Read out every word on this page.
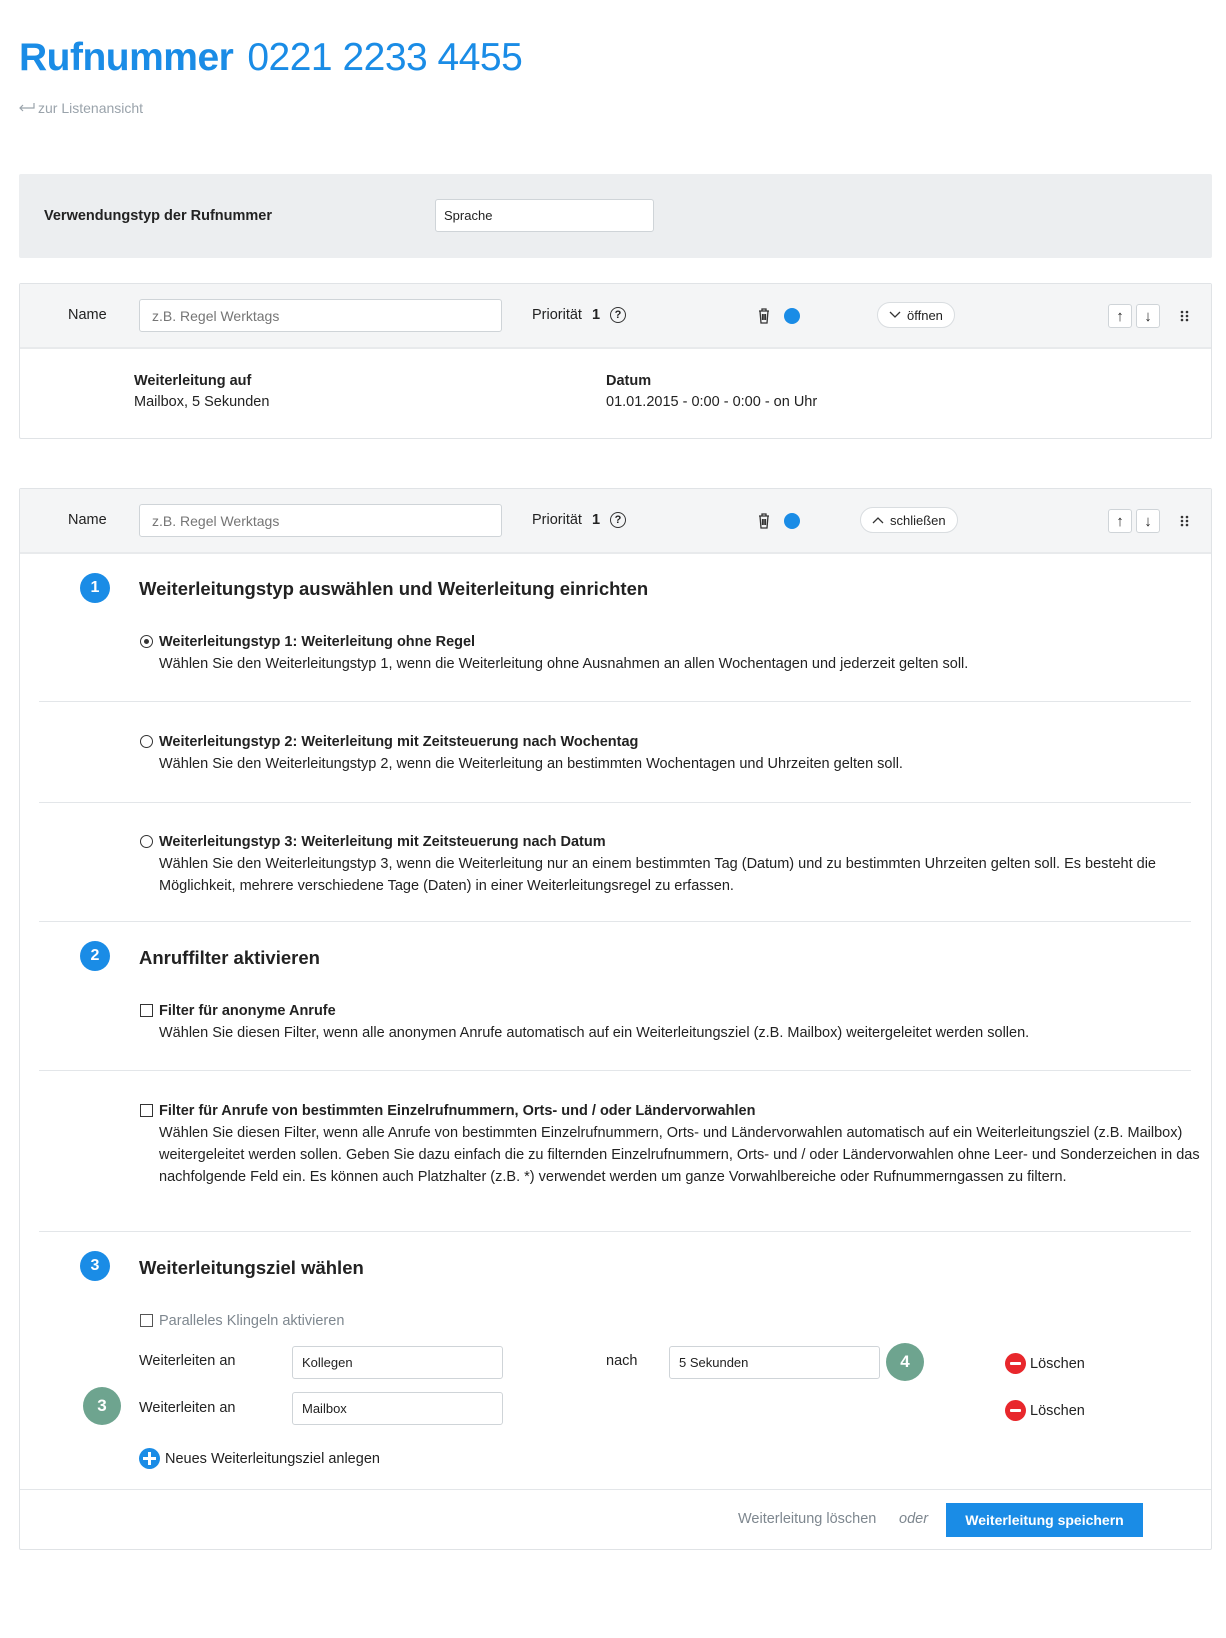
Rufnummer 0221 2233 4455
zur Listenansicht
Verwendungstyp der Rufnummer	Sprache
Name
z.B. Regel Werktags	Priorität 1	?	öffnen	↑	↓
Weiterleitung auf
Mailbox, 5 Sekunden
Datum
01.01.2015 - 0:00 - 0:00 - on Uhr
Name
z.B. Regel Werktags	Priorität 1	?	schließen	↑	↓
1	Weiterleitungstyp auswählen und Weiterleitung einrichten
Weiterleitungstyp 1: Weiterleitung ohne Regel
Wählen Sie den Weiterleitungstyp 1, wenn die Weiterleitung ohne Ausnahmen an allen Wochentagen und jederzeit gelten soll.
Weiterleitungstyp 2: Weiterleitung mit Zeitsteuerung nach Wochentag
Wählen Sie den Weiterleitungstyp 2, wenn die Weiterleitung an bestimmten Wochentagen und Uhrzeiten gelten soll.
Weiterleitungstyp 3: Weiterleitung mit Zeitsteuerung nach Datum
Wählen Sie den Weiterleitungstyp 3, wenn die Weiterleitung nur an einem bestimmten Tag (Datum) und zu bestimmten Uhrzeiten gelten soll. Es besteht die Möglichkeit, mehrere verschiedene Tage (Daten) in einer Weiterleitungsregel zu erfassen.
2	Anruffilter aktivieren
Filter für anonyme Anrufe
Wählen Sie diesen Filter, wenn alle anonymen Anrufe automatisch auf ein Weiterleitungsziel (z.B. Mailbox) weitergeleitet werden sollen.
Filter für Anrufe von bestimmten Einzelrufnummern, Orts- und / oder Ländervorwahlen
Wählen Sie diesen Filter, wenn alle Anrufe von bestimmten Einzelrufnummern, Orts- und Ländervorwahlen automatisch auf ein Weiterleitungsziel (z.B. Mailbox) weitergeleitet werden sollen. Geben Sie dazu einfach die zu filternden Einzelrufnummern, Orts- und / oder Ländervorwahlen ohne Leer- und Sonderzeichen in das nachfolgende Feld ein. Es können auch Platzhalter (z.B. *) verwendet werden um ganze Vorwahlbereiche oder Rufnummerngassen zu filtern.
3	Weiterleitungsziel wählen
Paralleles Klingeln aktivieren
Weiterleiten an	Kollegen	nach	5 Sekunden	4	Löschen
3	Weiterleiten an	Mailbox	Löschen
Neues Weiterleitungsziel anlegen
Weiterleitung löschen oder	Weiterleitung speichern
